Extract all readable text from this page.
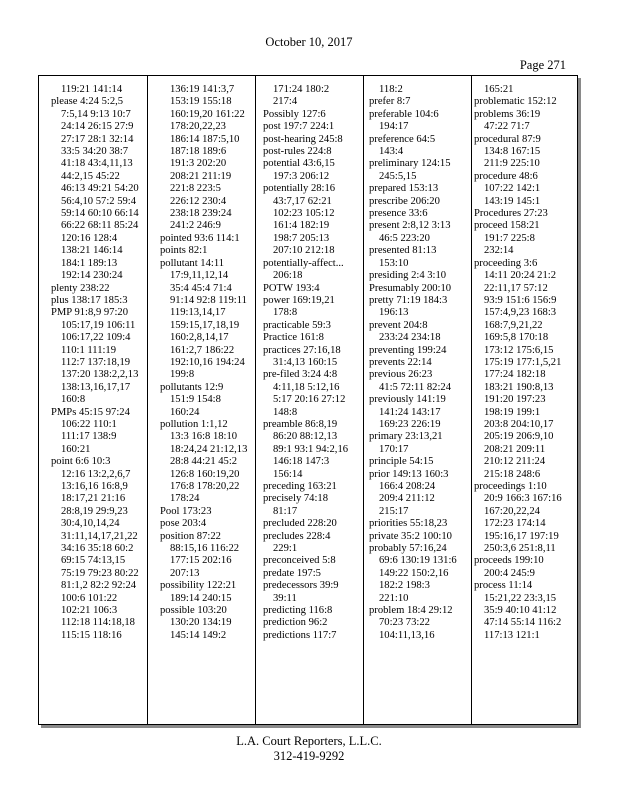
October 10, 2017
Page 271
119:21 141:14
please 4:24 5:2,5
7:5,14 9:13 10:7
24:14 26:15 27:9
27:17 28:1 32:14
33:5 34:20 38:7
41:18 43:4,11,13
44:2,15 45:22
46:13 49:21 54:20
56:4,10 57:2 59:4
59:14 60:10 66:14
66:22 68:11 85:24
120:16 128:4
138:21 146:14
184:1 189:13
192:14 230:24
plenty 238:22
plus 138:17 185:3
PMP 91:8,9 97:20
105:17,19 106:11
106:17,22 109:4
110:1 111:19
112:7 137:18,19
137:20 138:2,2,13
138:13,16,17,17
160:8
PMPs 45:15 97:24
106:22 110:1
111:17 138:9
160:21
point 6:6 10:3
12:16 13:2,2,6,7
13:16,16 16:8,9
18:17,21 21:16
28:8,19 29:9,23
30:4,10,14,24
31:11,14,17,21,22
34:16 35:18 60:2
69:15 74:13,15
75:19 79:23 80:22
81:1,2 82:2 92:24
100:6 101:22
102:21 106:3
112:18 114:18,18
115:15 118:16
136:19 141:3,7
153:19 155:18
160:19,20 161:22
178:20,22,23
186:14 187:5,10
187:18 189:6
191:3 202:20
208:21 211:19
221:8 223:5
226:12 230:4
238:18 239:24
241:2 246:9
pointed 93:6 114:1
points 82:1
pollutant 14:11
17:9,11,12,14
35:4 45:4 71:4
91:14 92:8 119:11
119:13,14,17
159:15,17,18,19
160:2,8,14,17
161:2,7 186:22
192:10,16 194:24
199:8
pollutants 12:9
151:9 154:8
160:24
pollution 1:1,12
13:3 16:8 18:10
18:24,24 21:12,13
28:8 44:21 45:2
126:8 160:19,20
176:8 178:20,22
178:24
Pool 173:23
pose 203:4
position 87:22
88:15,16 116:22
177:15 202:16
207:13
possibility 122:21
189:14 240:15
possible 103:20
130:20 134:19
145:14 149:2
171:24 180:2
217:4
Possibly 127:6
post 197:7 224:1
post-hearing 245:8
post-rules 224:8
potential 43:6,15
197:3 206:12
potentially 28:16
43:7,17 62:21
102:23 105:12
161:4 182:19
198:7 205:13
207:10 212:18
potentially-affect...
206:18
POTW 193:4
power 169:19,21
178:8
practicable 59:3
Practice 161:8
practices 27:16,18
31:4,13 160:15
pre-filed 3:24 4:8
4:11,18 5:12,16
5:17 20:16 27:12
148:8
preamble 86:8,19
86:20 88:12,13
89:1 93:1 94:2,16
146:18 147:3
156:14
preceding 163:21
precisely 74:18
81:17
precluded 228:20
precludes 228:4
229:1
preconceived 5:8
predate 197:5
predecessors 39:9
39:11
predicting 116:8
prediction 96:2
predictions 117:7
118:2
prefer 8:7
preferable 104:6
194:17
preference 64:5
143:4
preliminary 124:15
245:5,15
prepared 153:13
prescribe 206:20
presence 33:6
present 2:8,12 3:13
46:5 223:20
presented 81:13
153:10
presiding 2:4 3:10
Presumably 200:10
pretty 71:19 184:3
196:13
prevent 204:8
233:24 234:18
preventing 199:24
prevents 22:14
previous 26:23
41:5 72:11 82:24
previously 141:19
141:24 143:17
169:23 226:19
primary 23:13,21
170:17
principle 54:15
prior 149:13 160:3
166:4 208:24
209:4 211:12
215:17
priorities 55:18,23
private 35:2 100:10
probably 57:16,24
69:6 130:19 131:6
149:22 150:2,16
182:2 198:3
221:10
problem 18:4 29:12
70:23 73:22
104:11,13,16
165:21
problematic 152:12
problems 36:19
47:22 71:7
procedural 87:9
134:8 167:15
211:9 225:10
procedure 48:6
107:22 142:1
143:19 145:1
Procedures 27:23
proceed 158:21
191:7 225:8
232:14
proceeding 3:6
14:11 20:24 21:2
22:11,17 57:12
93:9 151:6 156:9
157:4,9,23 168:3
168:7,9,21,22
169:5,8 170:18
173:12 175:6,15
175:19 177:1,5,21
177:24 182:18
183:21 190:8,13
191:20 197:23
198:19 199:1
203:8 204:10,17
205:19 206:9,10
208:21 209:11
210:12 211:24
215:18 248:6
proceedings 1:10
20:9 166:3 167:16
167:20,22,24
172:23 174:14
195:16,17 197:19
250:3,6 251:8,11
proceeds 199:10
200:4 245:9
process 11:14
15:21,22 23:3,15
35:9 40:10 41:12
47:14 55:14 116:2
117:13 121:1
L.A. Court Reporters, L.L.C.
312-419-9292
